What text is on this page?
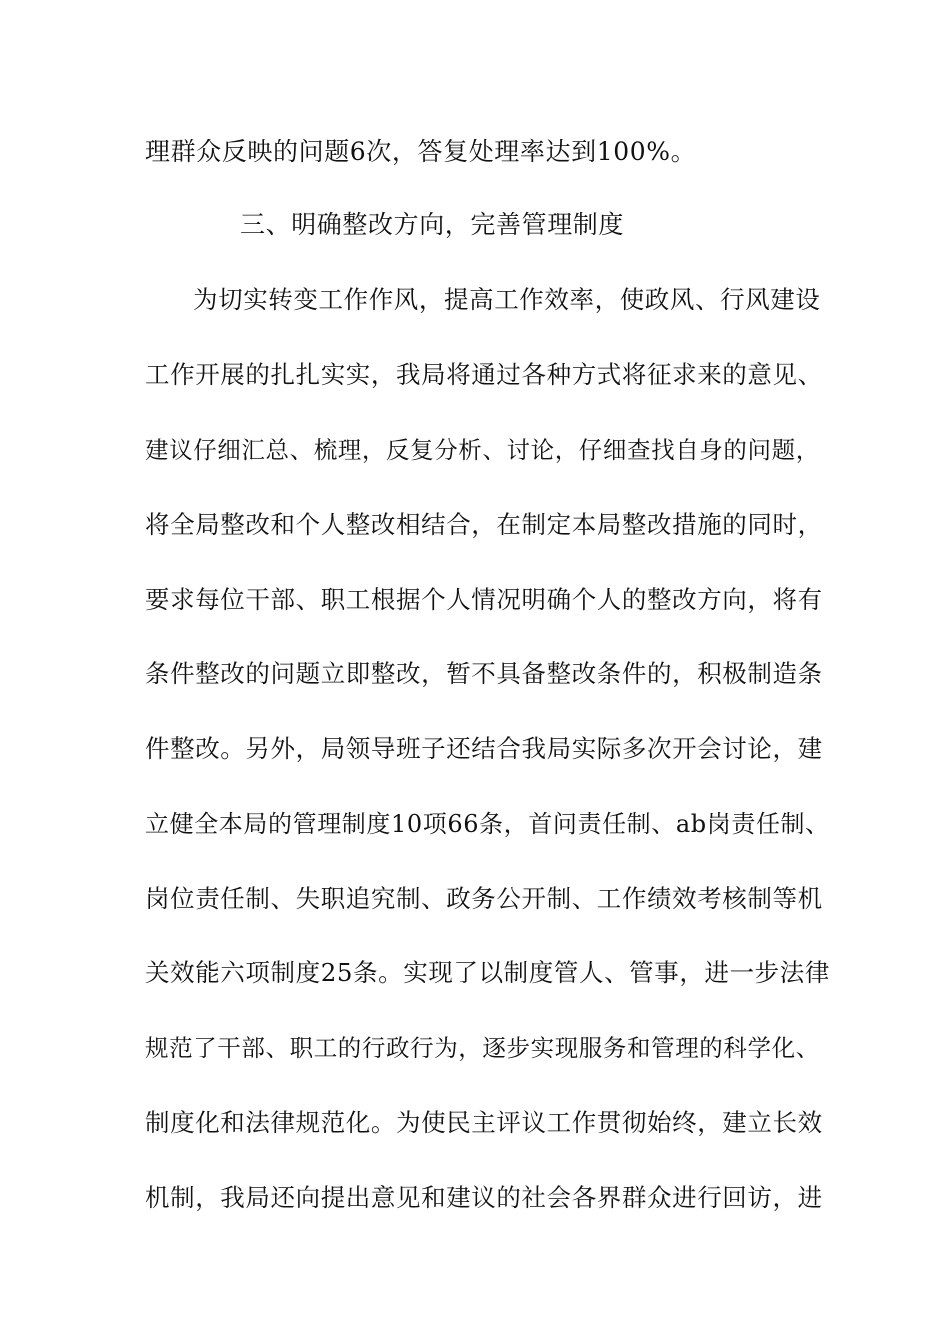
理群众反映的问题6次，答复处理率达到100%。
三、明确整改方向，完善管理制度
为切实转变工作作风，提高工作效率，使政风、行风建设
工作开展的扎扎实实，我局将通过各种方式将征求来的意见、
建议仔细汇总、梳理，反复分析、讨论，仔细查找自身的问题，
将全局整改和个人整改相结合，在制定本局整改措施的同时，
要求每位干部、职工根据个人情况明确个人的整改方向，将有
条件整改的问题立即整改，暂不具备整改条件的，积极制造条
件整改。另外，局领导班子还结合我局实际多次开会讨论，建
立健全本局的管理制度10项66条，首问责任制、ab岗责任制、
岗位责任制、失职追究制、政务公开制、工作绩效考核制等机
关效能六项制度25条。实现了以制度管人、管事，进一步法律
规范了干部、职工的行政行为，逐步实现服务和管理的科学化、
制度化和法律规范化。为使民主评议工作贯彻始终，建立长效
机制，我局还向提出意见和建议的社会各界群众进行回访，进
